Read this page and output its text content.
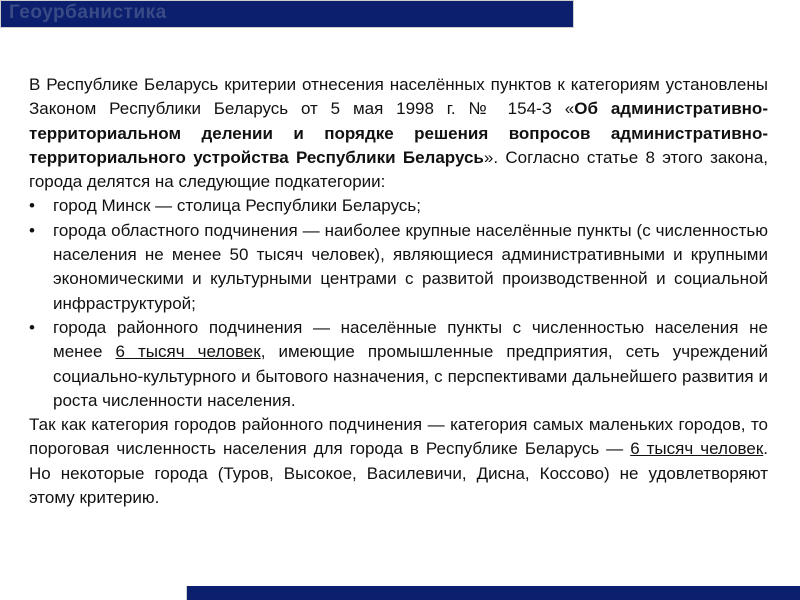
Геоурбанистика

В Республике Беларусь критерии отнесения населённых пунктов к категориям установлены Законом Республики Беларусь от 5 мая 1998 г. № 154-З «Об административно-территориальном делении и порядке решения вопросов административно-территориального устройства Республики Беларусь». Согласно статье 8 этого закона, города делятся на следующие подкатегории:

• город Минск — столица Республики Беларусь;
• города областного подчинения — наиболее крупные населённые пункты (с численностью населения не менее 50 тысяч человек), являющиеся административными и крупными экономическими и культурными центрами с развитой производственной и социальной инфраструктурой;
• города районного подчинения — населённые пункты с численностью населения не менее 6 тысяч человек, имеющие промышленные предприятия, сеть учреждений социально-культурного и бытового назначения, с перспективами дальнейшего развития и роста численности населения.

Так как категория городов районного подчинения — категория самых маленьких городов, то пороговая численность населения для города в Республике Беларусь — 6 тысяч человек. Но некоторые города (Туров, Высокое, Василевичи, Дисна, Коссово) не удовлетворяют этому критерию.
